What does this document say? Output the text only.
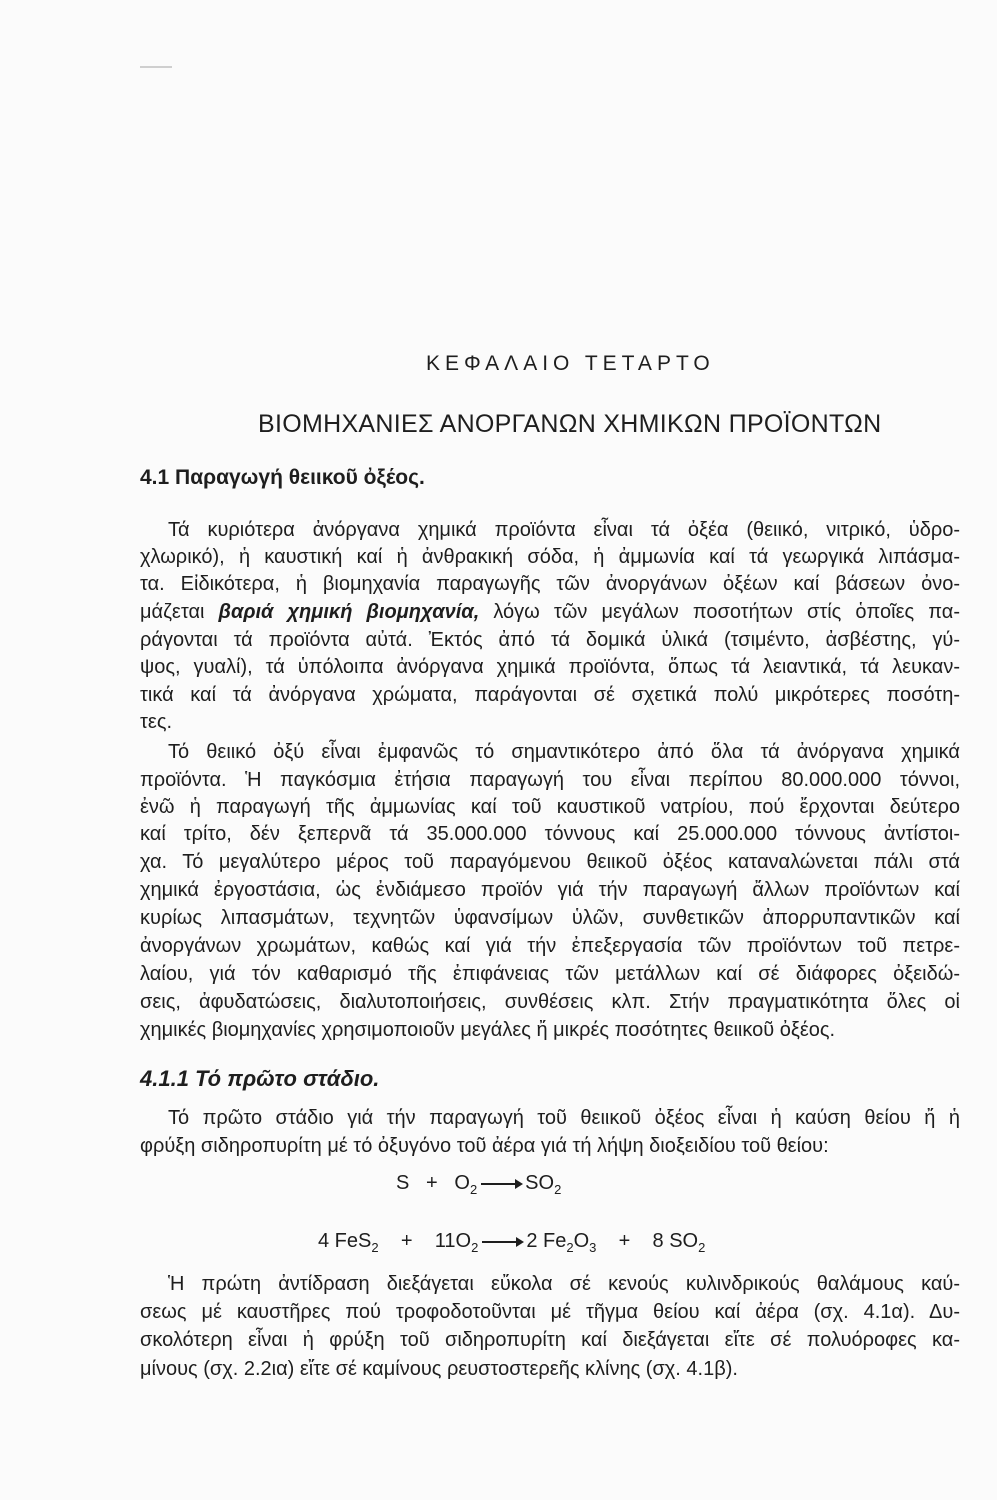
ΚΕΦΑΛΑΙΟ ΤΕΤΑΡΤΟ
ΒΙΟΜΗΧΑΝΙΕΣ ΑΝΟΡΓΑΝΩΝ ΧΗΜΙΚΩΝ ΠΡΟΪΟΝΤΩΝ
4.1 Παραγωγή θειικοῦ ὀξέος.
Τά κυριότερα ἀνόργανα χημικά προϊόντα εἶναι τά ὀξέα (θειικό, νιτρικό, ὑδρο-
χλωρικό), ἡ καυστική καί ἡ ἀνθρακική σόδα, ἡ ἀμμωνία καί τά γεωργικά λιπάσμα-
τα. Εἰδικότερα, ἡ βιομηχανία παραγωγῆς τῶν ἀνοργάνων ὀξέων καί βάσεων ὀνο-
μάζεται βαριά χημική βιομηχανία, λόγω τῶν μεγάλων ποσοτήτων στίς ὁποῖες πα-
ράγονται τά προϊόντα αὐτά. Ἐκτός ἀπό τά δομικά ὑλικά (τσιμέντο, ἀσβέστης, γύ-
ψος, γυαλί), τά ὑπόλοιπα ἀνόργανα χημικά προϊόντα, ὅπως τά λειαντικά, τά λευκαν-
τικά καί τά ἀνόργανα χρώματα, παράγονται σέ σχετικά πολύ μικρότερες ποσότη-
τες.
Τό θειικό ὀξύ εἶναι ἐμφανῶς τό σημαντικότερο ἀπό ὅλα τά ἀνόργανα χημικά
προϊόντα. Ἡ παγκόσμια ἐτήσια παραγωγή του εἶναι περίπου 80.000.000 τόννοι,
ἐνῶ ἡ παραγωγή τῆς ἀμμωνίας καί τοῦ καυστικοῦ νατρίου, πού ἔρχονται δεύτερο
καί τρίτο, δέν ξεπερνᾶ τά 35.000.000 τόννους καί 25.000.000 τόννους ἀντίστοι-
χα. Τό μεγαλύτερο μέρος τοῦ παραγόμενου θειικοῦ ὀξέος καταναλώνεται πάλι στά
χημικά ἐργοστάσια, ὡς ἐνδιάμεσο προϊόν γιά τήν παραγωγή ἄλλων προϊόντων καί
κυρίως λιπασμάτων, τεχνητῶν ὑφανσίμων ὑλῶν, συνθετικῶν ἀπορρυπαντικῶν καί
ἀνοργάνων χρωμάτων, καθώς καί γιά τήν ἐπεξεργασία τῶν προϊόντων τοῦ πετρε-
λαίου, γιά τόν καθαρισμό τῆς ἐπιφάνειας τῶν μετάλλων καί σέ διάφορες ὀξειδώ-
σεις, ἀφυδατώσεις, διαλυτοποιήσεις, συνθέσεις κλπ. Στήν πραγματικότητα ὅλες οἱ
χημικές βιομηχανίες χρησιμοποιοῦν μεγάλες ἤ μικρές ποσότητες θειικοῦ ὀξέος.
4.1.1 Τό πρῶτο στάδιο.
Τό πρῶτο στάδιο γιά τήν παραγωγή τοῦ θειικοῦ ὀξέος εἶναι ἡ καύση θείου ἤ ἡ
φρύξη σιδηροπυρίτη μέ τό ὀξυγόνο τοῦ ἀέρα γιά τή λήψη διοξειδίου τοῦ θείου:
$S + O_2 \to SO_2$
4 $FeS_2 + 11O_2 \to 2$ $Fe_2O_3 + 8$ $SO_2$
Ἡ πρώτη ἀντίδραση διεξάγεται εὔκολα σέ κενούς κυλινδρικούς θαλάμους καύ-
σεως μέ καυστῆρες πού τροφοδοτοῦνται μέ τῆγμα θείου καί ἀέρα (σχ. 4.1α). Δυ-
σκολότερη εἶναι ἡ φρύξη τοῦ σιδηροπυρίτη καί διεξάγεται εἴτε σέ πολυόροφες κα-
μίνους (σχ. 2.2ια) εἴτε σέ καμίνους ρευστοστερεῆς κλίνης (σχ. 4.1β).
